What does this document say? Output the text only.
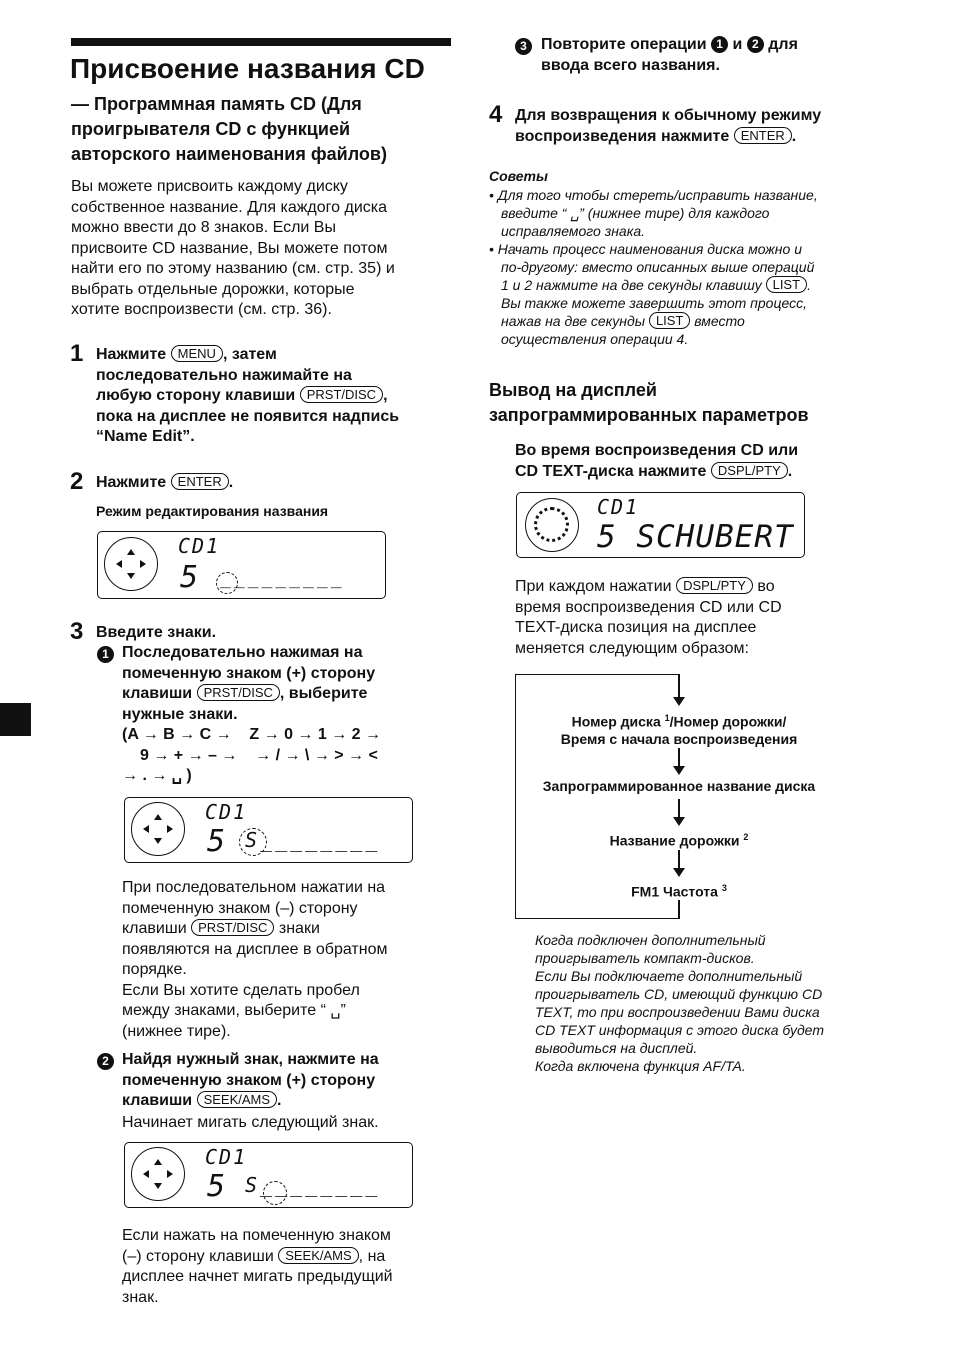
Присвоение названия CD
— Программная память CD (Для
проигрывателя CD с функцией
авторского наименования файлов)
Вы можете присвоить каждому диску
собственное название. Для каждого диска
можно ввести до 8 знаков. Если Вы
присвоите CD название, Вы можете потом
найти его по этому названию (см. стр. 35) и
выбрать отдельные дорожки, которые
хотите воспроизвести (см. стр. 36).
1 Нажмите MENU , затем
последовательно нажимайте на
любую сторону клавиши PRST/DISC ,
пока на дисплее не появится надпись
“Name Edit”.
2 Нажмите ENTER .
Режим редактирования названия
CD1
5 _________
3 Введите знаки.
1 Последовательно нажимая на
помеченную знаком (+) сторону
клавиши PRST/DISC , выберите
нужные знаки.
(A → B → C →    Z → 0 → 1 → 2 →
9 → + → – →    → / → \ → > → <
→ . → ␣ )
CD1
5 S________
При последовательном нажатии на
помеченную знаком (–) сторону
клавиши PRST/DISC знаки
появляются на дисплее в обратном
порядке.
Если Вы хотите сделать пробел
между знаками, выберите “ ␣”
(нижнее тире).
2 Найдя нужный знак, нажмите на
помеченную знаком (+) сторону
клавиши SEEK/AMS .
Начинает мигать следующий знак.
CD1
5 S________
Если нажать на помеченную знаком
(–) сторону клавиши SEEK/AMS , на
дисплее начнет мигать предыдущий
знак.
3 Повторите операции 1 и 2 для
ввода всего названия.
4 Для возвращения к обычному режиму
воспроизведения нажмите ENTER .
Советы
• Для того чтобы стереть/исправить название,
введите “ ␣” (нижнее тире) для каждого
исправляемого знака.
• Начать процесс наименования диска можно и
по-другому: вместо описанных выше операций
1 и 2 нажмите на две секунды клавишу LIST .
Вы также можете завершить этот процесс,
нажав на две секунды LIST вместо
осуществления операции 4.
Вывод на дисплей
запрограммированных параметров
Во время воспроизведения CD или
CD TEXT-диска нажмите DSPL/PTY .
CD1
5 SCHUBERT
При каждом нажатии DSPL/PTY во
время воспроизведения CD или CD
TEXT-диска позиция на дисплее
меняется следующим образом:
Номер диска $^1$/Номер дорожки/
Время с начала воспроизведения
Запрограммированное название диска
Название дорожки $^2$
FM1 Частота $^3$
Когда подключен дополнительный
проигрыватель компакт-дисков.
Если Вы подключаете дополнительный
проигрыватель CD, имеющий функцию CD
TEXT, то при воспроизведении Вами диска
CD TEXT информация с этого диска будет
выводиться на дисплей.
Когда включена функция AF/TA.
